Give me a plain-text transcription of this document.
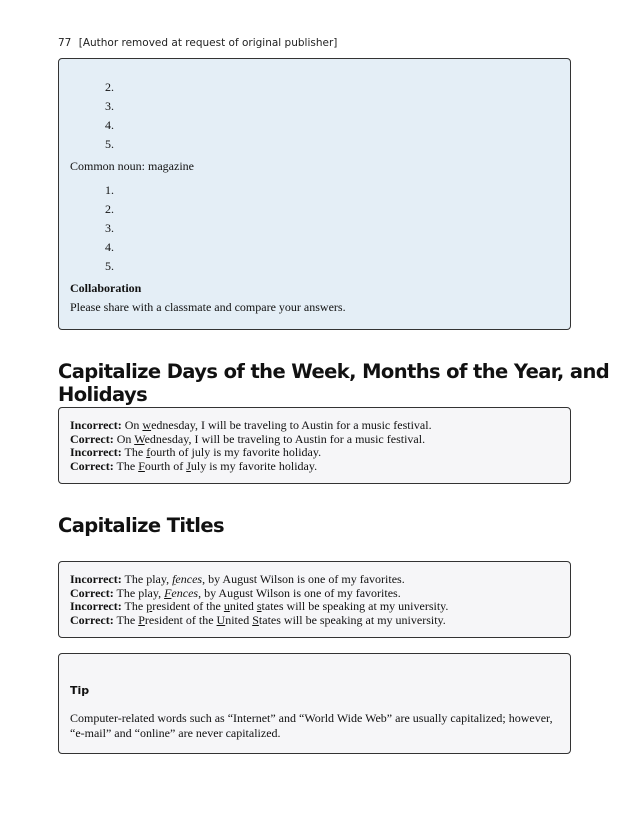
77 [Author removed at request of original publisher]
2.
3.
4.
5.
Common noun: magazine
1.
2.
3.
4.
5.
Collaboration
Please share with a classmate and compare your answers.
Capitalize Days of the Week, Months of the Year, and Holidays
Incorrect: On wednesday, I will be traveling to Austin for a music festival.
Correct: On Wednesday, I will be traveling to Austin for a music festival.
Incorrect: The fourth of july is my favorite holiday.
Correct: The Fourth of July is my favorite holiday.
Capitalize Titles
Incorrect: The play, fences, by August Wilson is one of my favorites.
Correct: The play, Fences, by August Wilson is one of my favorites.
Incorrect: The president of the united states will be speaking at my university.
Correct: The President of the United States will be speaking at my university.
Tip
Computer-related words such as “Internet” and “World Wide Web” are usually capitalized; however, “e-mail” and “online” are never capitalized.
